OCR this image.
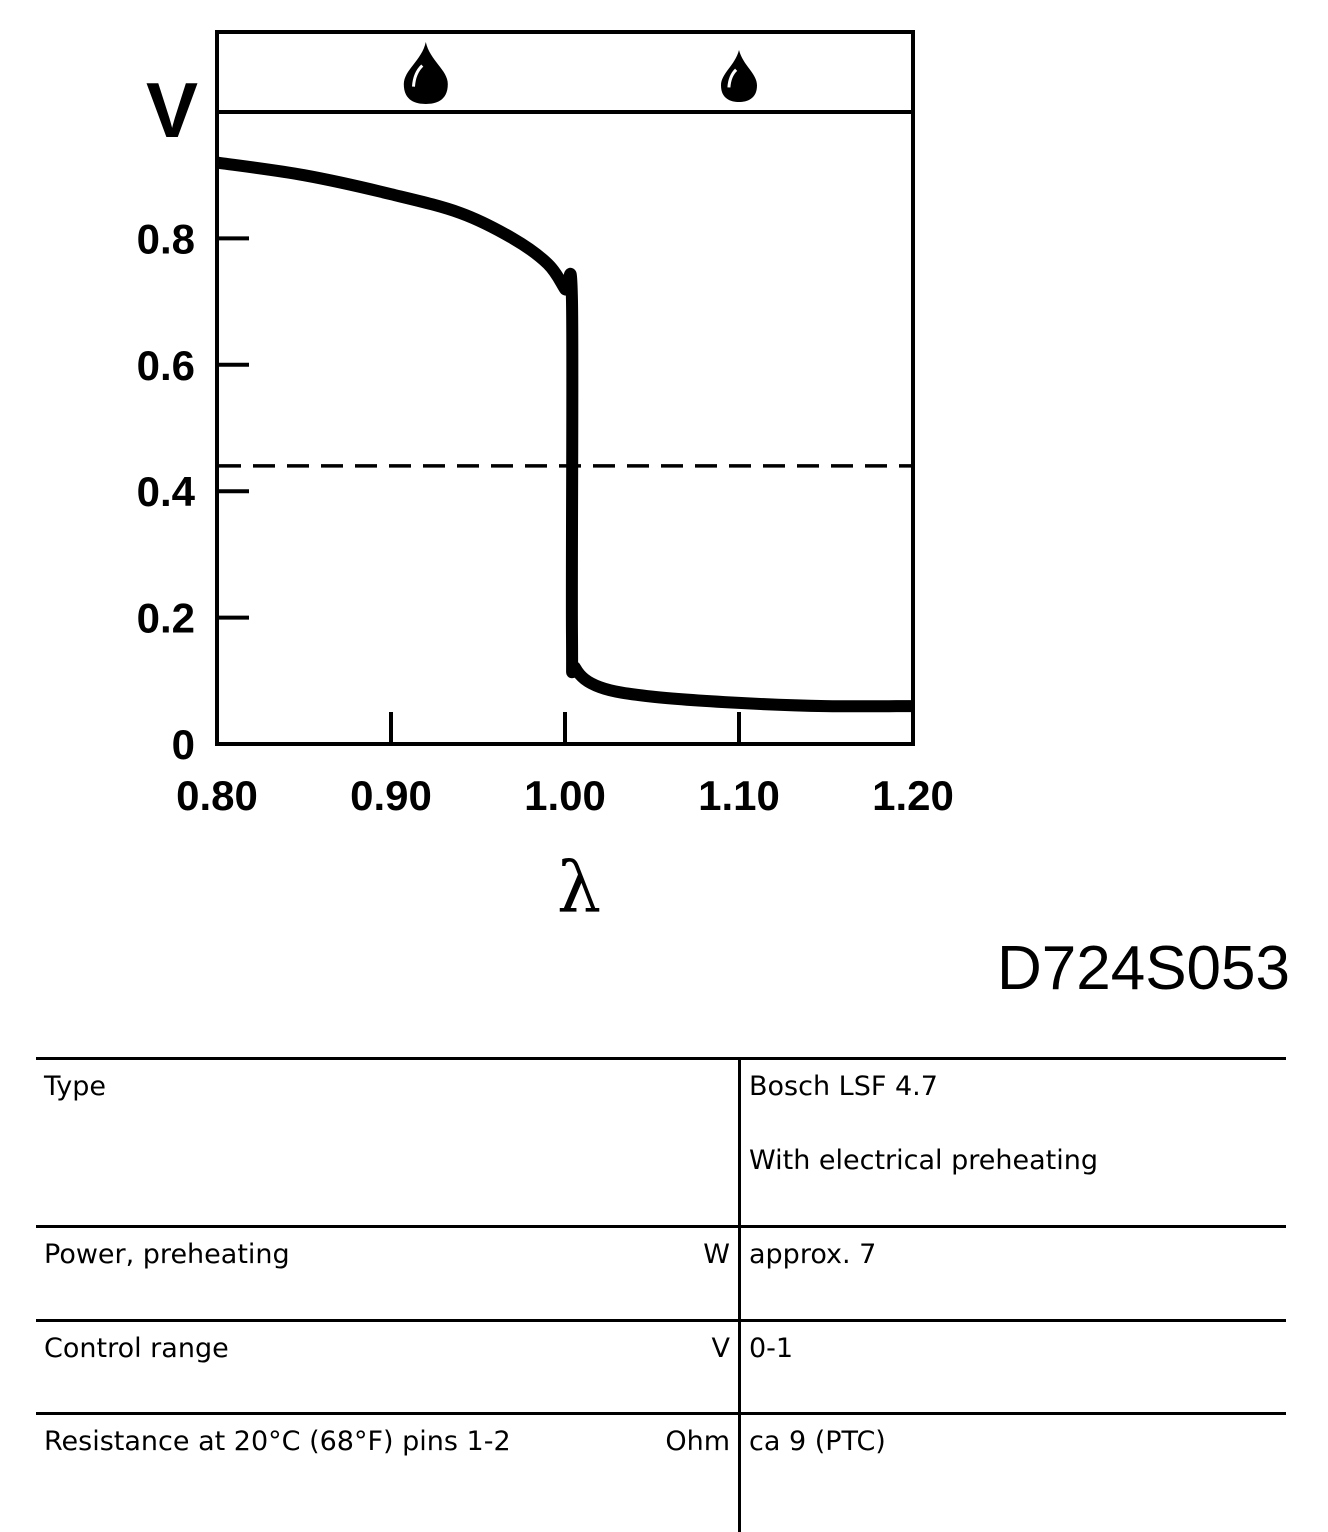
0
0.2
0.4
0.6
0.8
0.80 0.90 1.00 1.10 1.20
V
λ
D724S053
Type		Bosch LSF 4.7
With electrical preheating

Power, preheating	W	approx. 7
Control range	V	0-1
Resistance at 20°C (68°F) pins 1-2	Ohm	ca 9 (PTC)
